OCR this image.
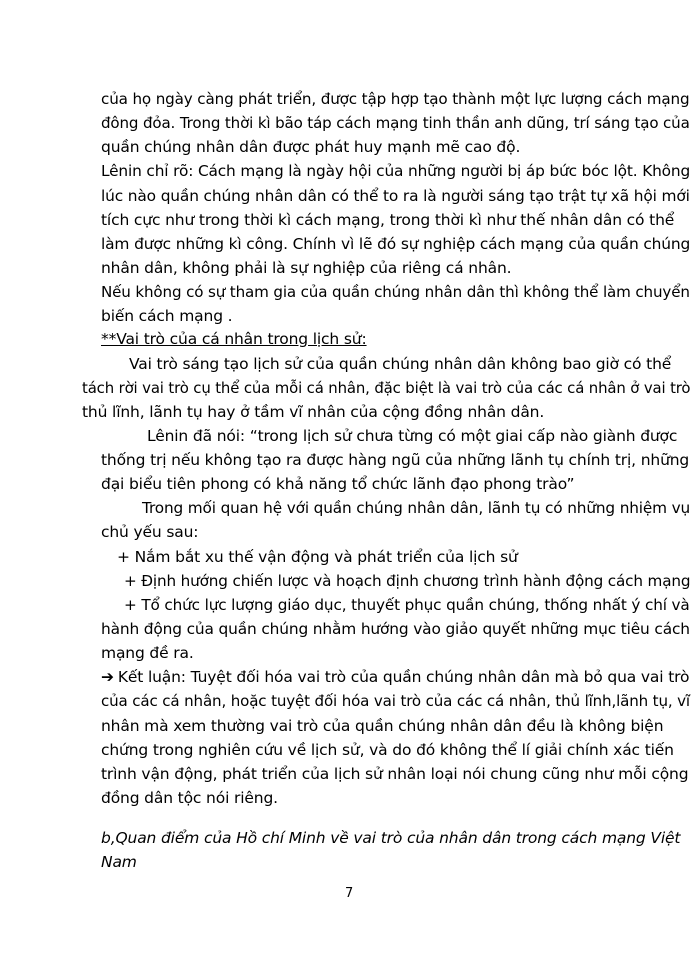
của họ ngày càng phát triển, được tập hợp tạo thành một lực lượng cách mạng
đông đỏa. Trong thời kì bão táp cách mạng tinh thần anh dũng, trí sáng tạo của
quần chúng nhân dân được phát huy mạnh mẽ cao độ.
Lênin chỉ rõ: Cách mạng là ngày hội của những người bị áp bức bóc lột. Không
lúc nào quần chúng nhân dân có thể to ra là người sáng tạo trật tự xã hội mới
tích cực như trong thời kì cách mạng, trong thời kì như thế nhân dân có thể
làm được những kì công. Chính vì lẽ đó sự nghiệp cách mạng của quần chúng
nhân dân, không phải là sự nghiệp của riêng cá nhân.
Nếu không có sự tham gia của quần chúng nhân dân thì không thể làm chuyển
biến cách mạng .
**Vai trò của cá nhân trong lịch sử:
Vai trò sáng tạo lịch sử của quần chúng nhân dân không bao giờ có thể
tách rời vai trò cụ thể của mỗi cá nhân, đặc biệt là vai trò của các cá nhân ở vai trò
thủ lĩnh, lãnh tụ hay ở tầm vĩ nhân của cộng đồng nhân dân.
Lênin đã nói: “trong lịch sử chưa từng có một giai cấp nào giành được
thống trị nếu không tạo ra được hàng ngũ của những lãnh tụ chính trị, những
đại biểu tiên phong có khả năng tổ chức lãnh đạo phong trào”
Trong mối quan hệ với quần chúng nhân dân, lãnh tụ có những nhiệm vụ
chủ yếu sau:
+ Nắm bắt xu thế vận động và phát triển của lịch sử
+ Định hướng chiến lược và hoạch định chương trình hành động cách mạng
+ Tổ chức lực lượng giáo dục, thuyết phục quần chúng, thống nhất ý chí và
hành động của quần chúng nhằm hướng vào giảo quyết những mục tiêu cách
mạng đề ra.
➔ Kết luận: Tuyệt đối hóa vai trò của quần chúng nhân dân mà bỏ qua vai trò
của các cá nhân, hoặc tuyệt đối hóa vai trò của các cá nhân, thủ lĩnh,lãnh tụ, vĩ
nhân mà xem thường vai trò của quần chúng nhân dân đều là không biện
chứng trong nghiên cứu về lịch sử, và do đó không thể lí giải chính xác tiến
trình vận động, phát triển của lịch sử nhân loại nói chung cũng như mỗi cộng
đồng dân tộc nói riêng.
b,Quan điểm của Hồ chí Minh về vai trò của nhân dân trong cách mạng Việt
Nam
7
